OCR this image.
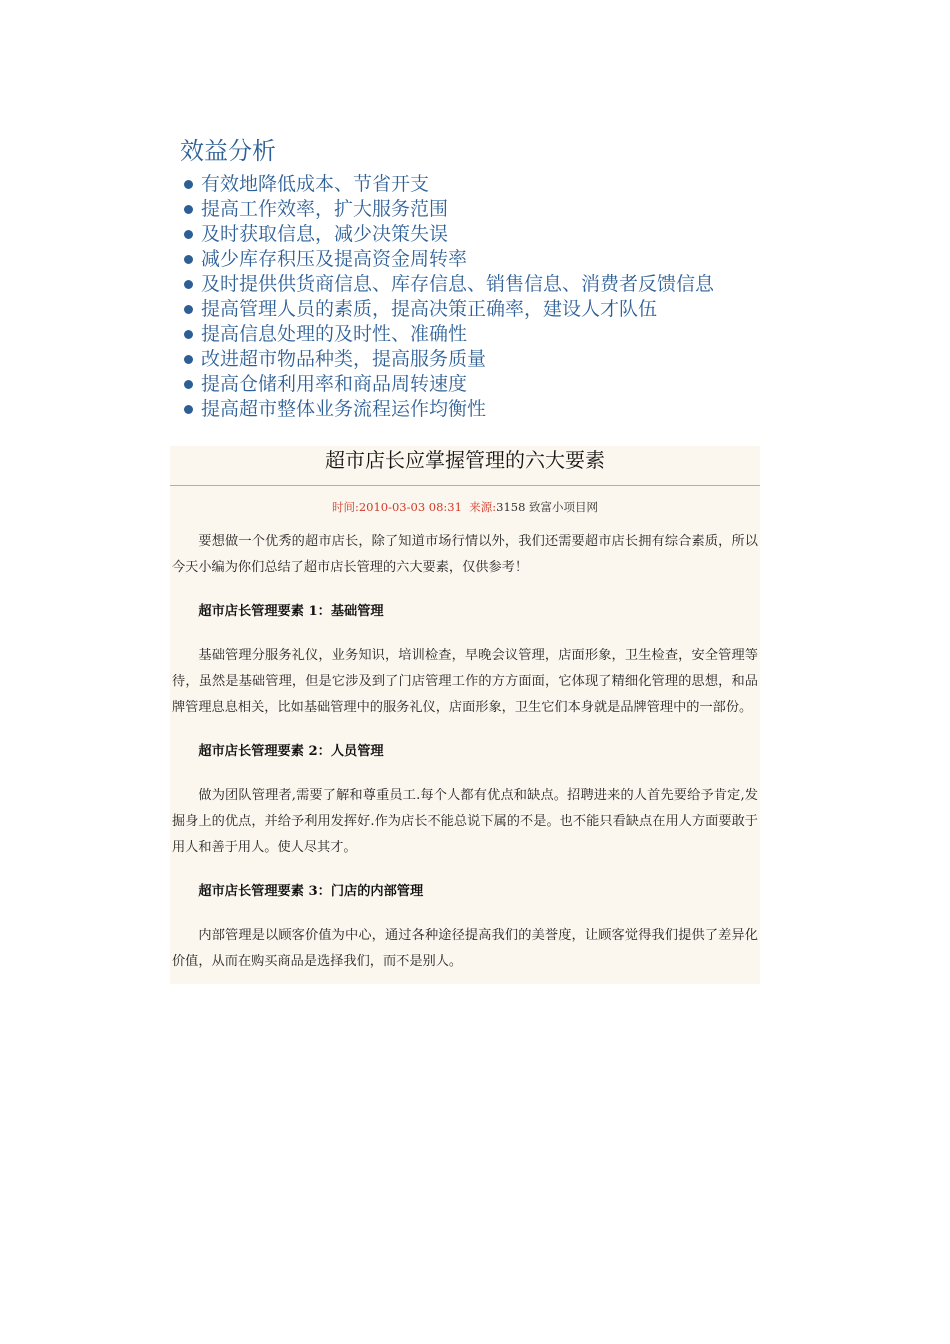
效益分析
有效地降低成本、节省开支
提高工作效率，扩大服务范围
及时获取信息，减少决策失误
减少库存积压及提高资金周转率
及时提供供货商信息、库存信息、销售信息、消费者反馈信息
提高管理人员的素质，提高决策正确率，建设人才队伍
提高信息处理的及时性、准确性
改进超市物品种类，提高服务质量
提高仓储利用率和商品周转速度
提高超市整体业务流程运作均衡性
超市店长应掌握管理的六大要素
时间:2010-03-03 08:31 来源:3158 致富小项目网

要想做一个优秀的超市店长，除了知道市场行情以外，我们还需要超市店长拥有综合素质，所以今天小编为你们总结了超市店长管理的六大要素，仅供参考！

超市店长管理要素 1：基础管理

基础管理分服务礼仪，业务知识，培训检查，早晚会议管理，店面形象，卫生检查，安全管理等待，虽然是基础管理，但是它涉及到了门店管理工作的方方面面，它体现了精细化管理的思想，和品牌管理息息相关，比如基础管理中的服务礼仪，店面形象，卫生它们本身就是品牌管理中的一部份。

超市店长管理要素 2：人员管理

做为团队管理者,需要了解和尊重员工.每个人都有优点和缺点。招聘进来的人首先要给予肯定,发掘身上的优点，并给予利用发挥好.作为店长不能总说下属的不是。也不能只看缺点在用人方面要敢于用人和善于用人。使人尽其才。

超市店长管理要素 3：门店的内部管理

内部管理是以顾客价值为中心，通过各种途径提高我们的美誉度，让顾客觉得我们提供了差异化价值，从而在购买商品是选择我们，而不是别人。
